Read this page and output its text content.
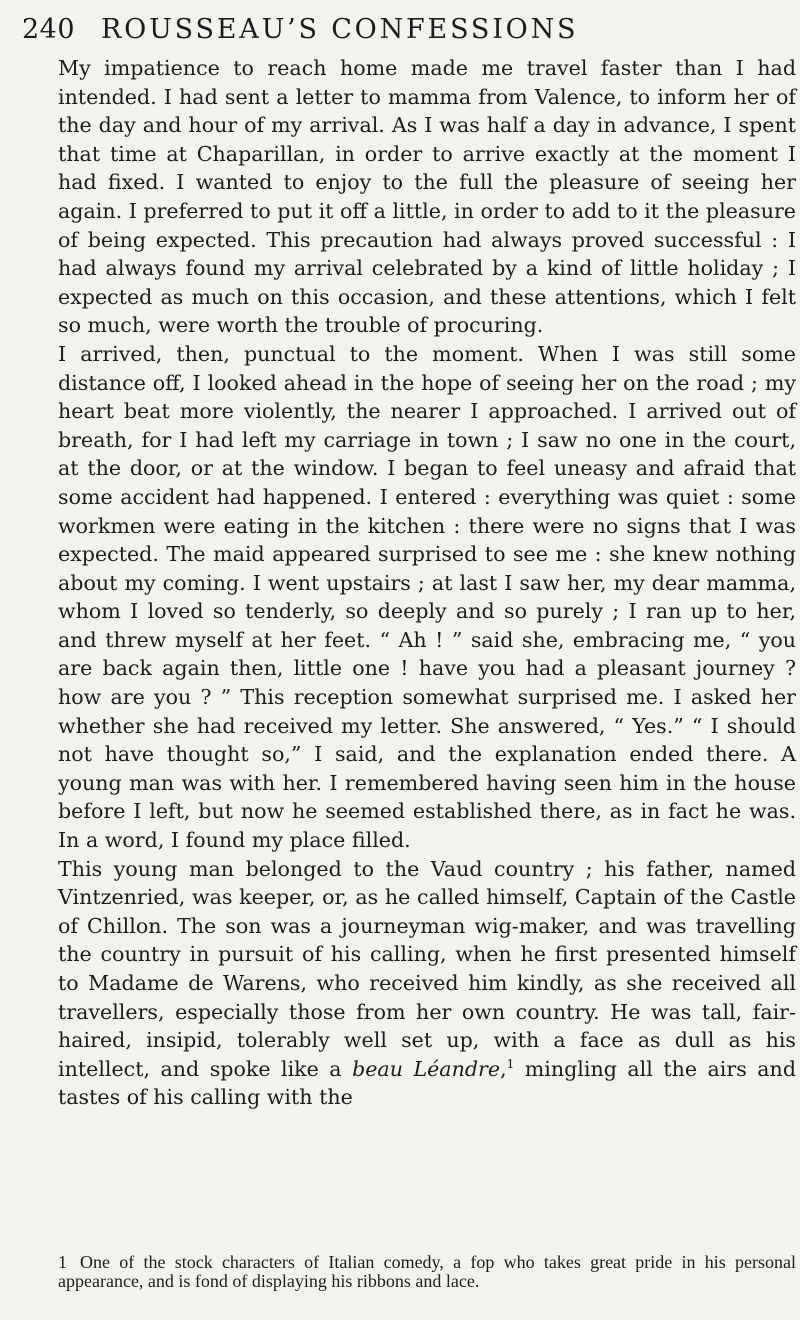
240 ROUSSEAU’S CONFESSIONS

My impatience to reach home made me travel faster than I had intended. I had sent a letter to mamma from Valence, to inform her of the day and hour of my arrival. As I was half a day in advance, I spent that time at Chaparillan, in order to arrive exactly at the moment I had fixed. I wanted to enjoy to the full the pleasure of seeing her again. I preferred to put it off a little, in order to add to it the pleasure of being expected. This precaution had always proved successful : I had always found my arrival celebrated by a kind of little holiday ; I expected as much on this occasion, and these attentions, which I felt so much, were worth the trouble of procuring.

I arrived, then, punctual to the moment. When I was still some distance off, I looked ahead in the hope of seeing her on the road ; my heart beat more violently, the nearer I approached. I arrived out of breath, for I had left my carriage in town ; I saw no one in the court, at the door, or at the window. I began to feel uneasy and afraid that some accident had happened. I entered : everything was quiet : some workmen were eating in the kitchen : there were no signs that I was expected. The maid appeared surprised to see me : she knew nothing about my coming. I went upstairs ; at last I saw her, my dear mamma, whom I loved so tenderly, so deeply and so purely ; I ran up to her, and threw myself at her feet. “ Ah ! ” said she, embracing me, “ you are back again then, little one ! have you had a pleasant journey ? how are you ? ” This reception somewhat surprised me. I asked her whether she had received my letter. She answered, “ Yes.” “ I should not have thought so,” I said, and the explanation ended there. A young man was with her. I remembered having seen him in the house before I left, but now he seemed established there, as in fact he was. In a word, I found my place filled.

This young man belonged to the Vaud country ; his father, named Vintzenried, was keeper, or, as he called himself, Captain of the Castle of Chillon. The son was a journeyman wig-maker, and was travelling the country in pursuit of his calling, when he first presented himself to Madame de Warens, who received him kindly, as she received all travellers, especially those from her own country. He was tall, fair-haired, insipid, tolerably well set up, with a face as dull as his intellect, and spoke like a beau Léandre,$^1$ mingling all the airs and tastes of his calling with the

1 One of the stock characters of Italian comedy, a fop who takes great pride in his personal appearance, and is fond of displaying his ribbons and lace.
